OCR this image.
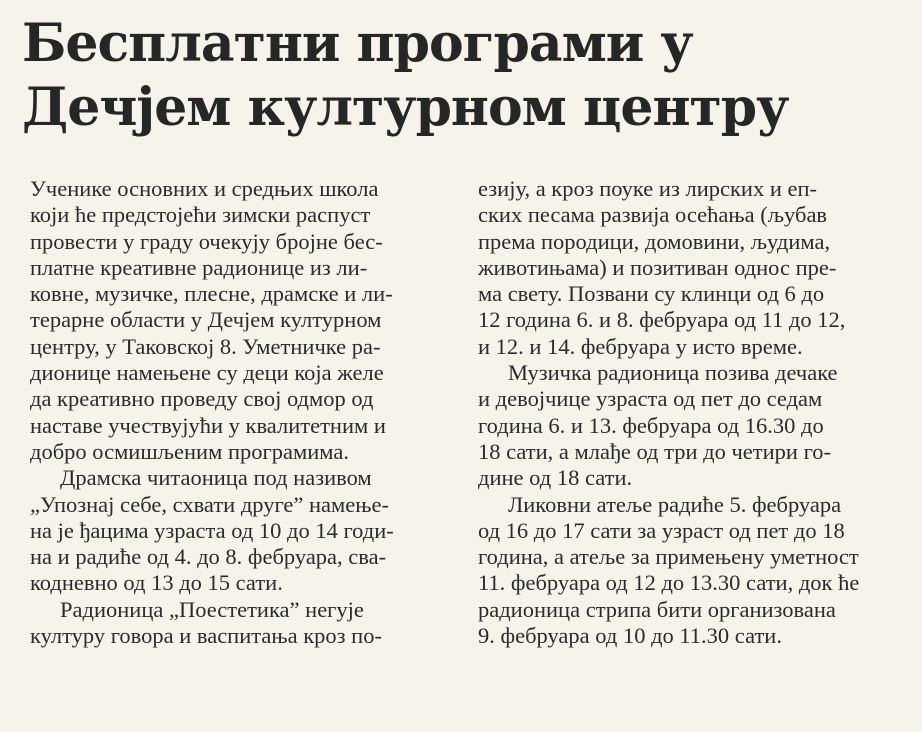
Бесплатни програми у
Дечјем културном центру

Ученике основних и средњих школа
који ће предстојећи зимски распуст
провести у граду очекују бројне бес-
платне креативне радионице из ли-
ковне, музичке, плесне, драмске и ли-
терарне области у Дечјем културном
центру, у Таковској 8. Уметничке ра-
дионице намењене су деци која желе
да креативно проведу свој одмор од
наставе учествујући у квалитетним и
добро осмишљеним програмима.

Драмска читаоница под називом
„Упознај себе, схвати друге” намење-
на је ђацима узраста од 10 до 14 годи-
на и радиће од 4. до 8. фебруара, сва-
кодневно од 13 до 15 сати.

Радионица „Поестетика” негује
културу говора и васпитања кроз по-

езију, а кроз поуке из лирских и еп-
ских песама развија осећања (љубав
према породици, домовини, људима,
животињама) и позитиван однос пре-
ма свету. Позвани су клинци од 6 до
12 година 6. и 8. фебруара од 11 до 12,
и 12. и 14. фебруара у исто време.

Музичка радионица позива дечаке
и девојчице узраста од пет до седам
година 6. и 13. фебруара од 16.30 до
18 сати, а млађе од три до четири го-
дине од 18 сати.

Ликовни атеље радиће 5. фебруара
од 16 до 17 сати за узраст од пет до 18
година, а атеље за примењену уметност
11. фебруара од 12 до 13.30 сати, док ће
радионица стрипа бити организована
9. фебруара од 10 до 11.30 сати.
